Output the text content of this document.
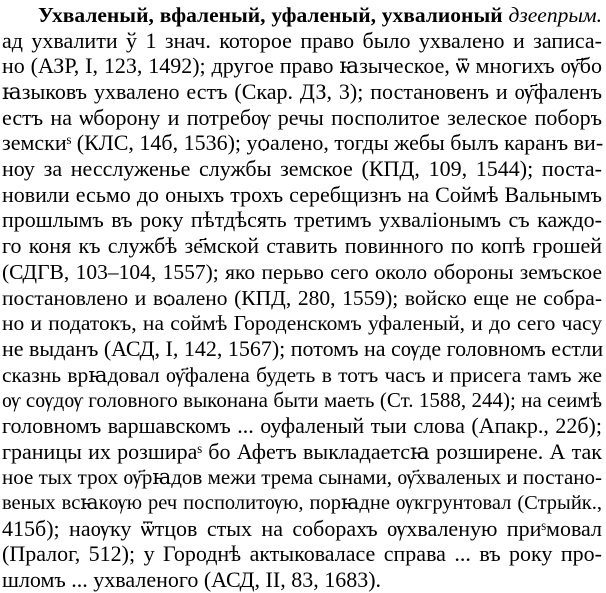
Ухваленый, вфаленый, уфаленый, ухвалионый дзеeпрым.
ад ухвалити ў 1 знач. которое право было ухвалено и записа-
но (АЗР, I, 123, 1492); другое право ꙗзыческое, ѿ многихъ ѹ҃бо
ꙗзыковъ ухвалено естъ (Скар. ДЗ, 3); постановенъ и ѹ҃фаленъ
естъ на ѡборону и потребѹ речы посполитое зелеское поборъ
земскиˢ (КЛС, 14б, 1536); уѻалено, тогды жебы былъ каранъ ви-
ноу за несслуженье службы земское (КПД, 109, 1544); поста-
новили есьмо до оныхъ трохъ серебщизнъ на Соймѣ Вальнымъ
прошлымъ въ року пѣтдѣсять третимъ ухваліонымъ съ каждо-
го коня къ службѣ зе҃мской ставить повинного по копѣ грошей
(СДГВ, 103–104, 1557); яко перьво сего около обороны земъское
постановлено и вѻалено (КПД, 280, 1559); войско еще не собра-
но и податокъ, на соймѣ Городенскомъ уфаленый, и до сего часу
не выданъ (АСД, I, 142, 1567); потомъ на сѹде головномъ естли
сказнь врꙗдовал ѹ҃фалена будеть в тотъ часъ и присега тамъ же
ѹ сѹдѹ головного выконана быти маеть (Ст. 1588, 244); на сеимѣ
головномъ варшавскомъ ... оуфаленый тыи слова (Апакр., 22б);
границы их розшираˢ бо Афетъ выкладаетсꙗ розширене. А так
ное тых трох ѹ҃рꙗдов межи трема сынами, ѹ҃хваленых и постано-
веных всꙗкѹю реч посполитѹю, порꙗдне ѹкгрунтовал (Стрыйк.,
415б); наѹку ѿтцов стых на соборахъ ѹхваленую приˢмовал
(Пралог, 512); у Городнѣ актыковаласе справа ... въ року про-
шломъ ... ухваленого (АСД, II, 83, 1683).
